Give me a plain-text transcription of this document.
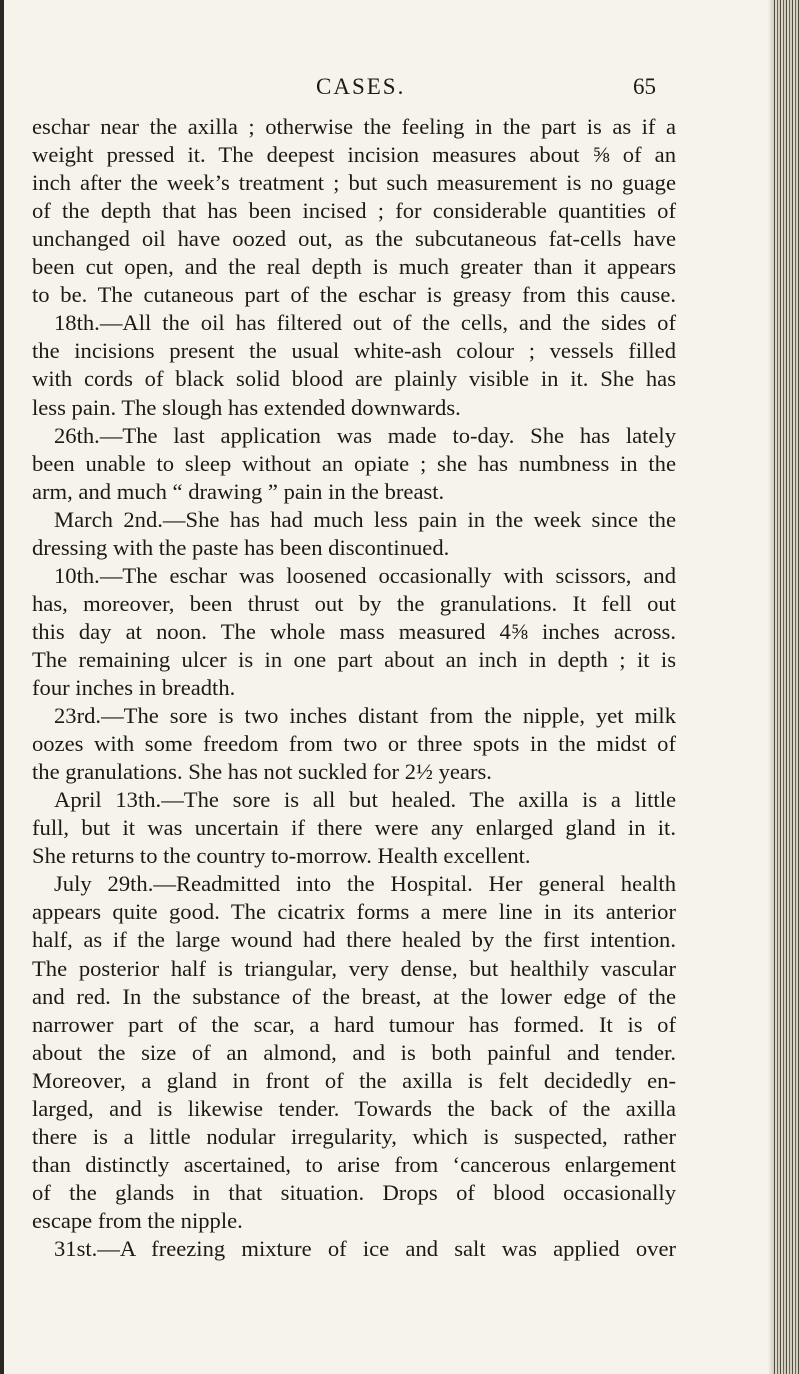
CASES.	65
eschar near the axilla ; otherwise the feeling in the part is as if a
weight pressed it. The deepest incision measures about ⅝ of an
inch after the week’s treatment ; but such measurement is no guage
of the depth that has been incised ; for considerable quantities of
unchanged oil have oozed out, as the subcutaneous fat-cells have
been cut open, and the real depth is much greater than it appears
to be. The cutaneous part of the eschar is greasy from this cause.
18th.—All the oil has filtered out of the cells, and the sides of
the incisions present the usual white-ash colour ; vessels filled
with cords of black solid blood are plainly visible in it. She has
less pain. The slough has extended downwards.
26th.—The last application was made to-day. She has lately
been unable to sleep without an opiate ; she has numbness in the
arm, and much “ drawing ” pain in the breast.
March 2nd.—She has had much less pain in the week since the
dressing with the paste has been discontinued.
10th.—The eschar was loosened occasionally with scissors, and
has, moreover, been thrust out by the granulations. It fell out
this day at noon. The whole mass measured 4⅝ inches across.
The remaining ulcer is in one part about an inch in depth ; it is
four inches in breadth.
23rd.—The sore is two inches distant from the nipple, yet milk
oozes with some freedom from two or three spots in the midst of
the granulations. She has not suckled for 2½ years.
April 13th.—The sore is all but healed. The axilla is a little
full, but it was uncertain if there were any enlarged gland in it.
She returns to the country to-morrow. Health excellent.
July 29th.—Readmitted into the Hospital. Her general health
appears quite good. The cicatrix forms a mere line in its anterior
half, as if the large wound had there healed by the first intention.
The posterior half is triangular, very dense, but healthily vascular
and red. In the substance of the breast, at the lower edge of the
narrower part of the scar, a hard tumour has formed. It is of
about the size of an almond, and is both painful and tender.
Moreover, a gland in front of the axilla is felt decidedly en-
larged, and is likewise tender. Towards the back of the axilla
there is a little nodular irregularity, which is suspected, rather
than distinctly ascertained, to arise from ‘cancerous enlargement
of the glands in that situation. Drops of blood occasionally
escape from the nipple.
31st.—A freezing mixture of ice and salt was applied over
